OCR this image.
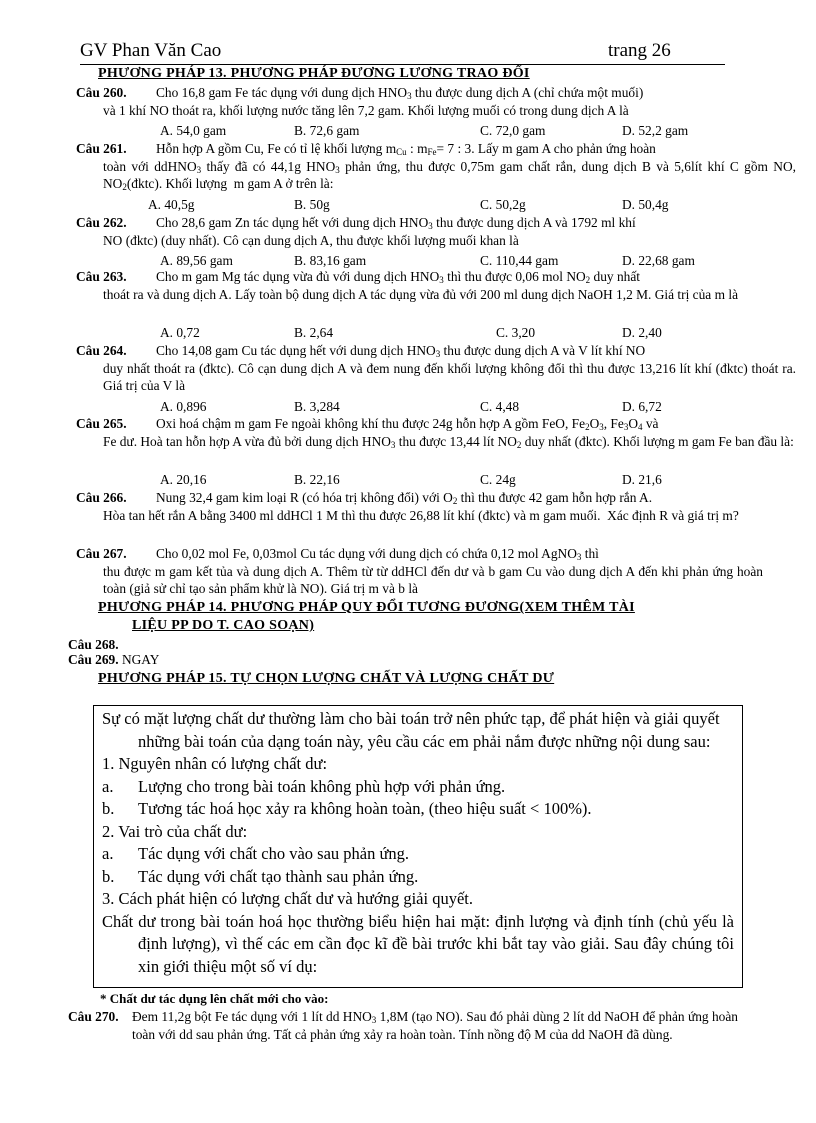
GV Phan Văn Cao	trang 26
PHƯƠNG PHÁP 13. PHƯƠNG PHÁP ĐƯƠNG LƯƠNG TRAO ĐỔI
Câu 260. Cho 16,8 gam Fe tác dụng với dung dịch $HNO_3$ thu được dung dịch A (chỉ chứa một muối)
và 1 khí NO thoát ra, khối lượng nước tăng lên 7,2 gam. Khối lượng muối có trong dung dịch A là
A. 54,0 gam	B. 72,6 gam	C. 72,0 gam	D. 52,2 gam
Câu 261. Hỗn hợp A gồm Cu, Fe có tỉ lệ khối lượng $m_{Cu}$ : $m_{Fe}= 7$ : 3. Lấy m gam A cho phản ứng hoàn
toàn với ddHNO$_3$ thấy đã có 44,1g $HNO_3$ phản ứng, thu được 0,75m gam chất rắn, dung dịch B và 5,6lít khí C gồm NO, $NO_2(đktc)$. Khối lượng  m gam A ở trên là:
A. 40,5g	B. 50g	C. 50,2g	D. 50,4g
Câu 262. Cho 28,6 gam Zn tác dụng hết với dung dịch $HNO_3$ thu được dung dịch A và 1792 ml khí
NO (đktc) (duy nhất). Cô cạn dung dịch A, thu được khối lượng muối khan là
A. 89,56 gam	B. 83,16 gam	C. 110,44 gam	D. 22,68 gam
Câu 263. Cho m gam Mg tác dụng vừa đủ với dung dịch $HNO_3$ thì thu được 0,06 mol $NO_2$ duy nhất
thoát ra và dung dịch A. Lấy toàn bộ dung dịch A tác dụng vừa đủ với 200 ml dung dịch NaOH 1,2 M. Giá trị của m là
A. 0,72	B. 2,64	C. 3,20	D. 2,40
Câu 264. Cho 14,08 gam Cu tác dụng hết với dung dịch $HNO_3$ thu được dung dịch A và V lít khí NO
duy nhất thoát ra (đktc). Cô cạn dung dịch A và đem nung đến khối lượng không đổi thì thu được 13,216 lít khí (đktc) thoát ra. Giá trị của V là
A. 0,896	B. 3,284	C. 4,48	D. 6,72
Câu 265. Oxi hoá chậm m gam Fe ngoài không khí thu được 24g hỗn hợp A gồm FeO, $Fe_2O_3$, $Fe_3O_4$ và
Fe dư. Hoà tan hỗn hợp A vừa đủ bởi dung dịch $HNO_3$ thu được 13,44 lít $NO_2$ duy nhất (đktc). Khối lượng m gam Fe ban đầu là:
A. 20,16	B. 22,16	C. 24g	D. 21,6
Câu 266. Nung 32,4 gam kim loại R (có hóa trị không đổi) với $O_2$ thì thu được 42 gam hỗn hợp rắn A.
Hòa tan hết rắn A bằng 3400 ml ddHCl 1 M thì thu được 26,88 lít khí (đktc) và m gam muối.  Xác định R và giá trị m?
Câu 267. Cho 0,02 mol Fe, 0,03mol Cu tác dụng với dung dịch có chứa 0,12 mol AgNO$_3$ thì
thu được m gam kết tủa và dung dịch A. Thêm từ từ ddHCl đến dư và b gam Cu vào dung dịch A đến khi phản ứng hoàn toàn (giả sử chỉ tạo sản phẩm khử là NO). Giá trị m và b là
PHƯƠNG PHÁP 14. PHƯƠNG PHÁP QUY ĐỔI TƯƠNG ĐƯƠNG(XEM THÊM TÀI
LIỆU PP DO T. CAO SOẠN)
Câu 268.
Câu 269. NGAY
PHƯƠNG PHÁP 15. TỰ CHỌN LƯỢNG CHẤT VÀ LƯỢNG CHẤT DƯ

Sự có mặt lượng chất dư thường làm cho bài toán trở nên phức tạp, để phát hiện và giải quyết những bài toán của dạng toán này, yêu cầu các em phải nắm được những nội dung sau:

1. Nguyên nhân có lượng chất dư:

a. Lượng cho trong bài toán không phù hợp với phản ứng.

b. Tương tác hoá học xảy ra không hoàn toàn, (theo hiệu suất < 100%).

2. Vai trò của chất dư:

a. Tác dụng với chất cho vào sau phản ứng.

b. Tác dụng với chất tạo thành sau phản ứng.

3. Cách phát hiện có lượng chất dư và hướng giải quyết.

Chất dư trong bài toán hoá học thường biểu hiện hai mặt: định lượng và định tính (chủ yếu là định lượng), vì thế các em cần đọc kĩ đề bài trước khi bắt tay vào giải. Sau đây chúng tôi xin giới thiệu một số ví dụ:

* Chất dư tác dụng lên chất mới cho vào:
Câu 270. Đem 11,2g bột Fe tác dụng với 1 lít dd $HNO_3$ 1,8M (tạo NO). Sau đó phải dùng 2 lít dd NaOH để phản ứng hoàn toàn với dd sau phản ứng. Tất cả phản ứng xảy ra hoàn toàn. Tính nồng độ M của dd NaOH đã dùng.
